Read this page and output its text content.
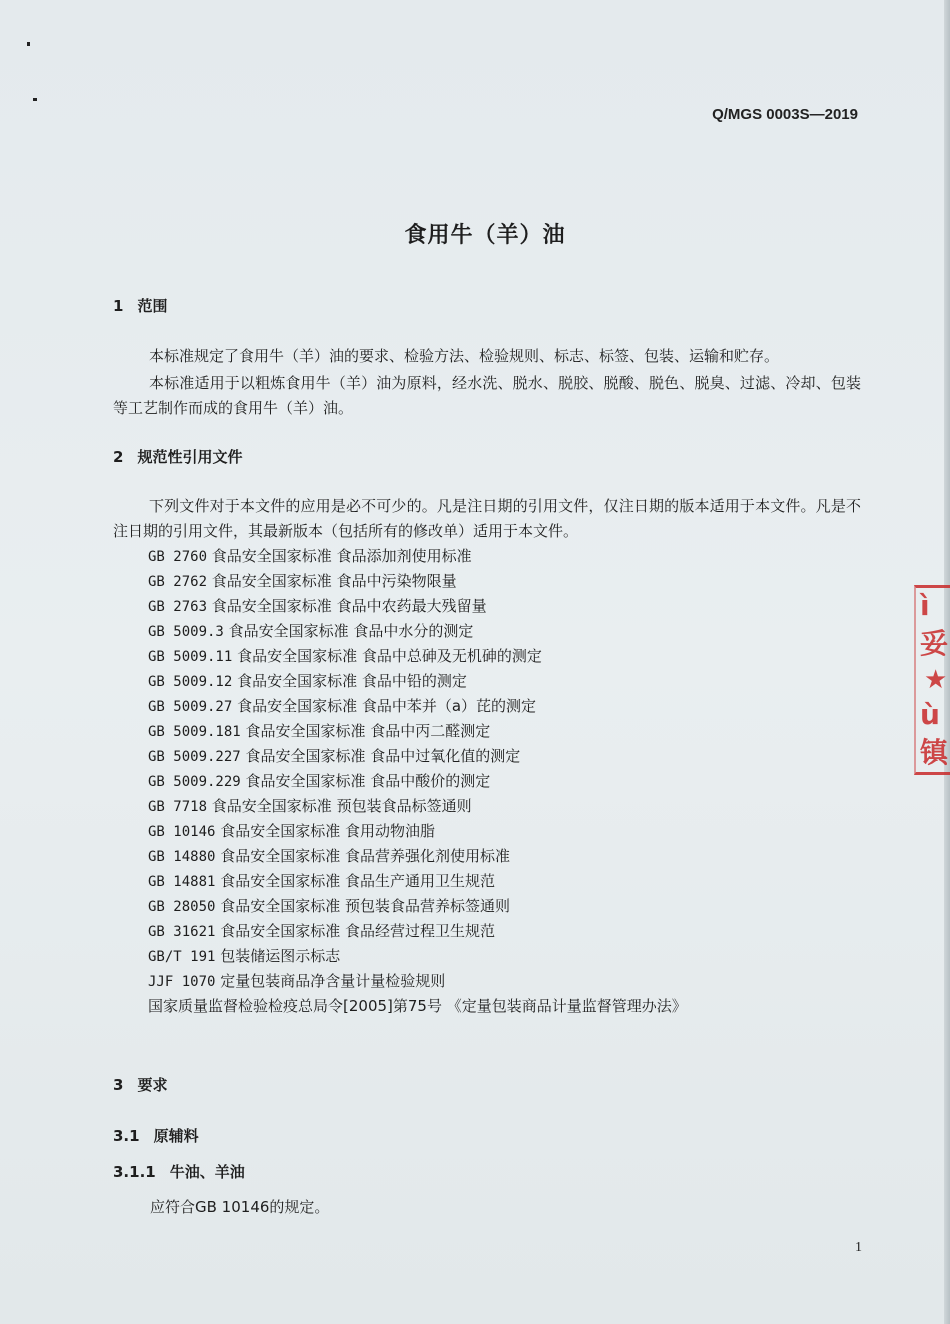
Q/MGS 0003S—2019
食用牛（羊）油
1 范围
本标准规定了食用牛（羊）油的要求、检验方法、检验规则、标志、标签、包装、运输和贮存。
本标准适用于以粗炼食用牛（羊）油为原料，经水洗、脱水、脱胶、脱酸、脱色、脱臭、过滤、冷却、包装等工艺制作而成的食用牛（羊）油。
2 规范性引用文件
下列文件对于本文件的应用是必不可少的。凡是注日期的引用文件，仅注日期的版本适用于本文件。凡是不注日期的引用文件，其最新版本（包括所有的修改单）适用于本文件。
GB 2760 食品安全国家标准 食品添加剂使用标准
GB 2762 食品安全国家标准 食品中污染物限量
GB 2763 食品安全国家标准 食品中农药最大残留量
GB 5009.3 食品安全国家标准 食品中水分的测定
GB 5009.11 食品安全国家标准 食品中总砷及无机砷的测定
GB 5009.12 食品安全国家标准 食品中铅的测定
GB 5009.27 食品安全国家标准 食品中苯并（a）芘的测定
GB 5009.181 食品安全国家标准 食品中丙二醛测定
GB 5009.227 食品安全国家标准 食品中过氧化值的测定
GB 5009.229 食品安全国家标准 食品中酸价的测定
GB 7718 食品安全国家标准 预包装食品标签通则
GB 10146 食品安全国家标准 食用动物油脂
GB 14880 食品安全国家标准 食品营养强化剂使用标准
GB 14881 食品安全国家标准 食品生产通用卫生规范
GB 28050 食品安全国家标准 预包装食品营养标签通则
GB 31621 食品安全国家标准 食品经营过程卫生规范
GB/T 191 包装储运图示标志
JJF 1070 定量包装商品净含量计量检验规则
国家质量监督检验检疫总局令[2005]第75号 《定量包装商品计量监督管理办法》
3 要求
3.1 原辅料
3.1.1 牛油、羊油
应符合GB 10146的规定。
1
ì妥
★
ù镇
